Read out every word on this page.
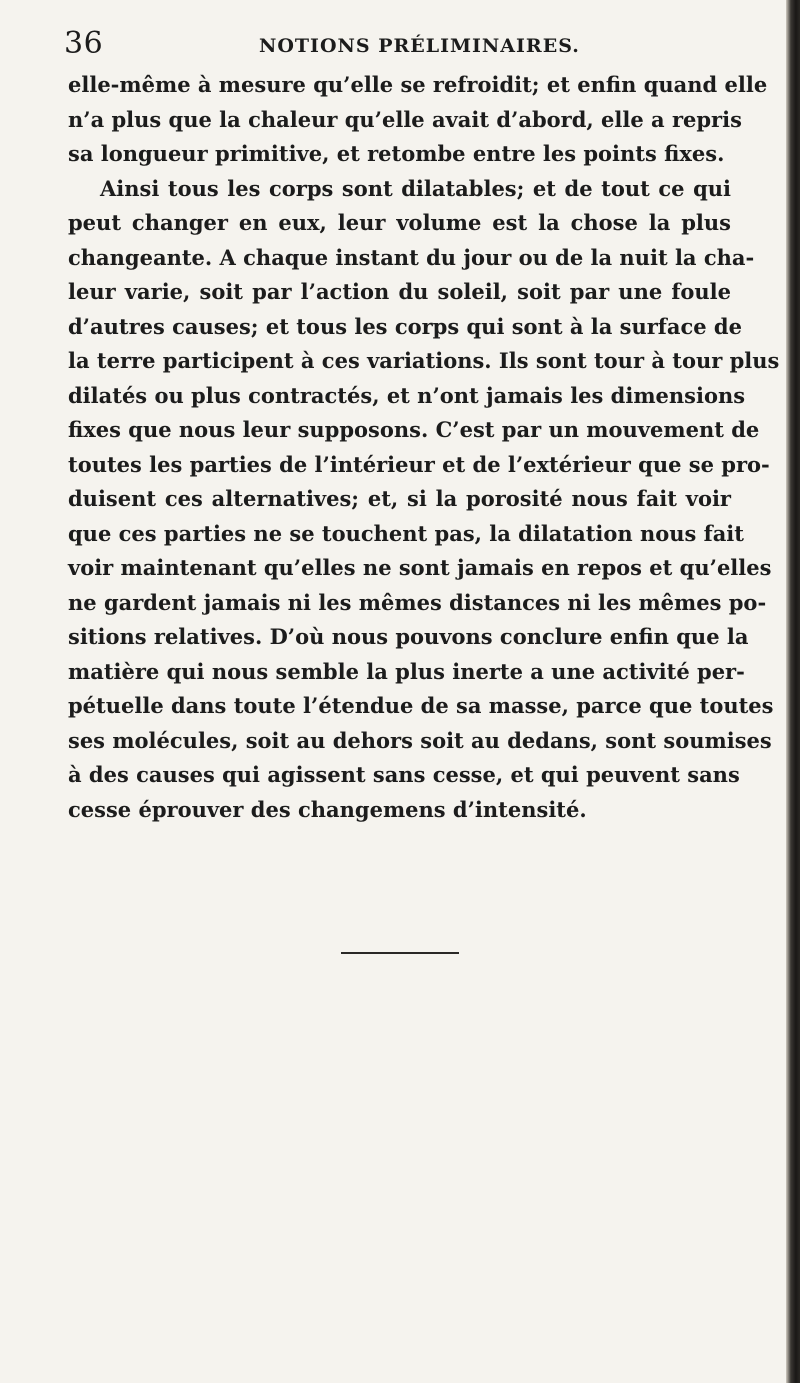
36	NOTIONS PRÉLIMINAIRES.
elle-même à mesure qu’elle se refroidit; et enfin quand elle
n’a plus que la chaleur qu’elle avait d’abord, elle a repris
sa longueur primitive, et retombe entre les points fixes.
Ainsi tous les corps sont dilatables; et de tout ce qui
peut changer en eux, leur volume est la chose la plus
changeante. A chaque instant du jour ou de la nuit la cha-
leur varie, soit par l’action du soleil, soit par une foule
d’autres causes; et tous les corps qui sont à la surface de
la terre participent à ces variations. Ils sont tour à tour plus
dilatés ou plus contractés, et n’ont jamais les dimensions
fixes que nous leur supposons. C’est par un mouvement de
toutes les parties de l’intérieur et de l’extérieur que se pro-
duisent ces alternatives; et, si la porosité nous fait voir
que ces parties ne se touchent pas, la dilatation nous fait
voir maintenant qu’elles ne sont jamais en repos et qu’elles
ne gardent jamais ni les mêmes distances ni les mêmes po-
sitions relatives. D’où nous pouvons conclure enfin que la
matière qui nous semble la plus inerte a une activité per-
pétuelle dans toute l’étendue de sa masse, parce que toutes
ses molécules, soit au dehors soit au dedans, sont soumises
à des causes qui agissent sans cesse, et qui peuvent sans
cesse éprouver des changemens d’intensité.
